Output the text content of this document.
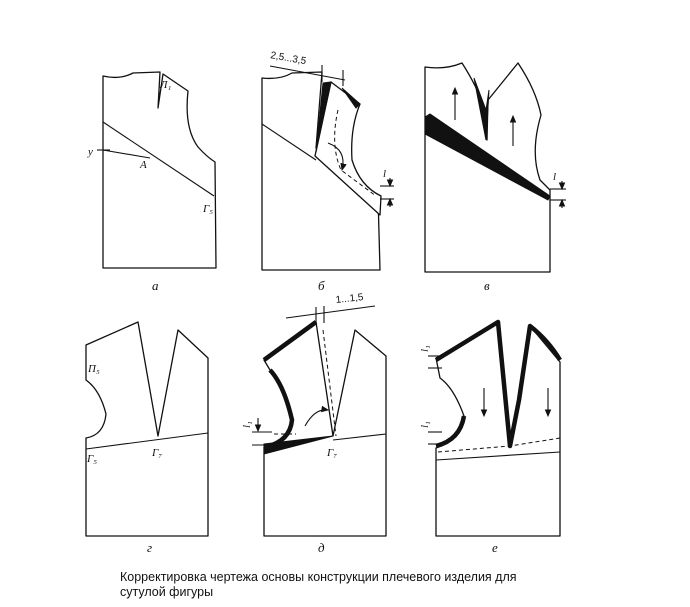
Л₁
у
А
Г₅
а
2,5...3,5
l
б
l
в
П₅
Г₅	Г₇
г
1...1,5
l₁
Г₇
д
l₁
l₁
е
Корректировка чертежа основы конструкции плечевого изделия для
сутулой фигуры
